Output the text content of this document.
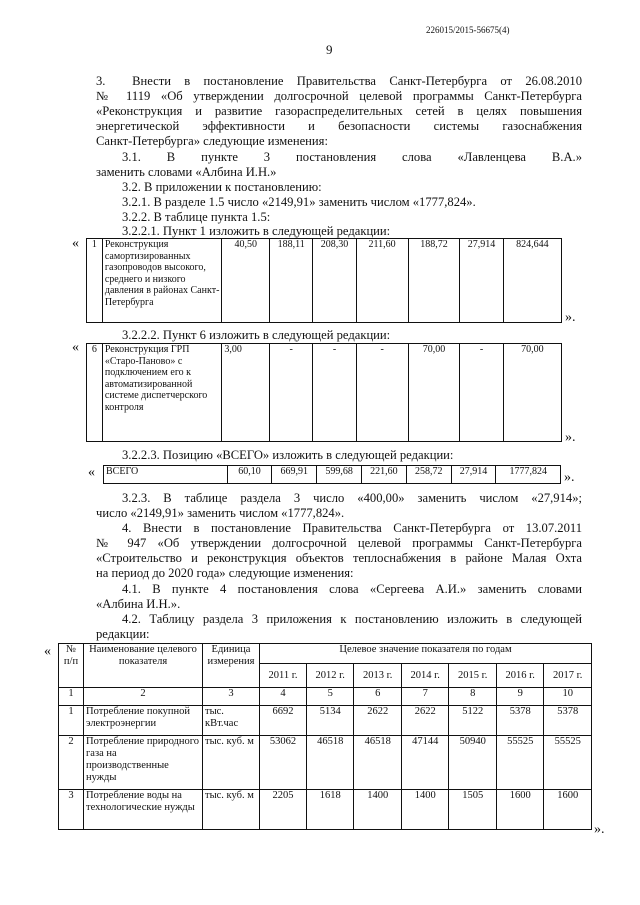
226015/2015-56675(4)
9
3.  Внести в постановление Правительства Санкт-Петербурга от 26.08.2010
№ 1119 «Об утверждении долгосрочной целевой программы Санкт-Петербурга
«Реконструкция и развитие газораспределительных сетей в целях повышения
энергетической эффективности и безопасности системы газоснабжения
Санкт-Петербурга» следующие изменения:
3.1. В пункте 3 постановления слова «Лавленцева В.А.»
заменить словами «Албина И.Н.»
3.2. В приложении к постановлению:
3.2.1. В разделе 1.5 число «2149,91» заменить числом «1777,824».
3.2.2. В таблице пункта 1.5:
3.2.2.1. Пункт 1 изложить в следующей редакции:
« 1	Реконструкция самортизированных газопроводов высокого, среднего и низкого давления в районах Санкт-Петербурга	40,50	188,11	208,30	211,60	188,72	27,914	824,644
».
3.2.2.2. Пункт 6 изложить в следующей редакции:
« 6	Реконструкция ГРП «Старо-Паново» с подключением его к автоматизированной системе диспетчерского контроля	3,00	-	-	-	70,00	-	70,00
».
3.2.2.3. Позицию «ВСЕГО» изложить в следующей редакции:
« ВСЕГО	60,10	669,91	599,68	221,60	258,72	27,914	1777,824 ».
3.2.3. В таблице раздела 3 число «400,00» заменить числом «27,914»;
число «2149,91» заменить числом «1777,824».
4. Внести в постановление Правительства Санкт-Петербурга от 13.07.2011
№ 947 «Об утверждении долгосрочной целевой программы Санкт-Петербурга
«Строительство и реконструкция объектов теплоснабжения в районе Малая Охта
на период до 2020 года» следующие изменения:
4.1. В пункте 4 постановления слова «Сергеева А.И.» заменить словами
«Албина И.Н.».
4.2. Таблицу раздела 3 приложения к постановлению изложить в следующей
редакции:
« № п/п	Наименование целевого показателя	Единица измерения	Целевое значение показателя по годам						
			2011 г.	2012 г.	2013 г.	2014 г.	2015 г.	2016 г.	2017 г.
1	2	3	4	5	6	7	8	9	10
1	Потребление покупной электроэнергии	тыс. кВт.час	6692	5134	2622	2622	5122	5378	5378
2	Потребление природного газа на производственные нужды	тыс. куб. м	53062	46518	46518	47144	50940	55525	55525
3	Потребление воды на технологические нужды	тыс. куб. м	2205	1618	1400	1400	1505	1600	1600
».
